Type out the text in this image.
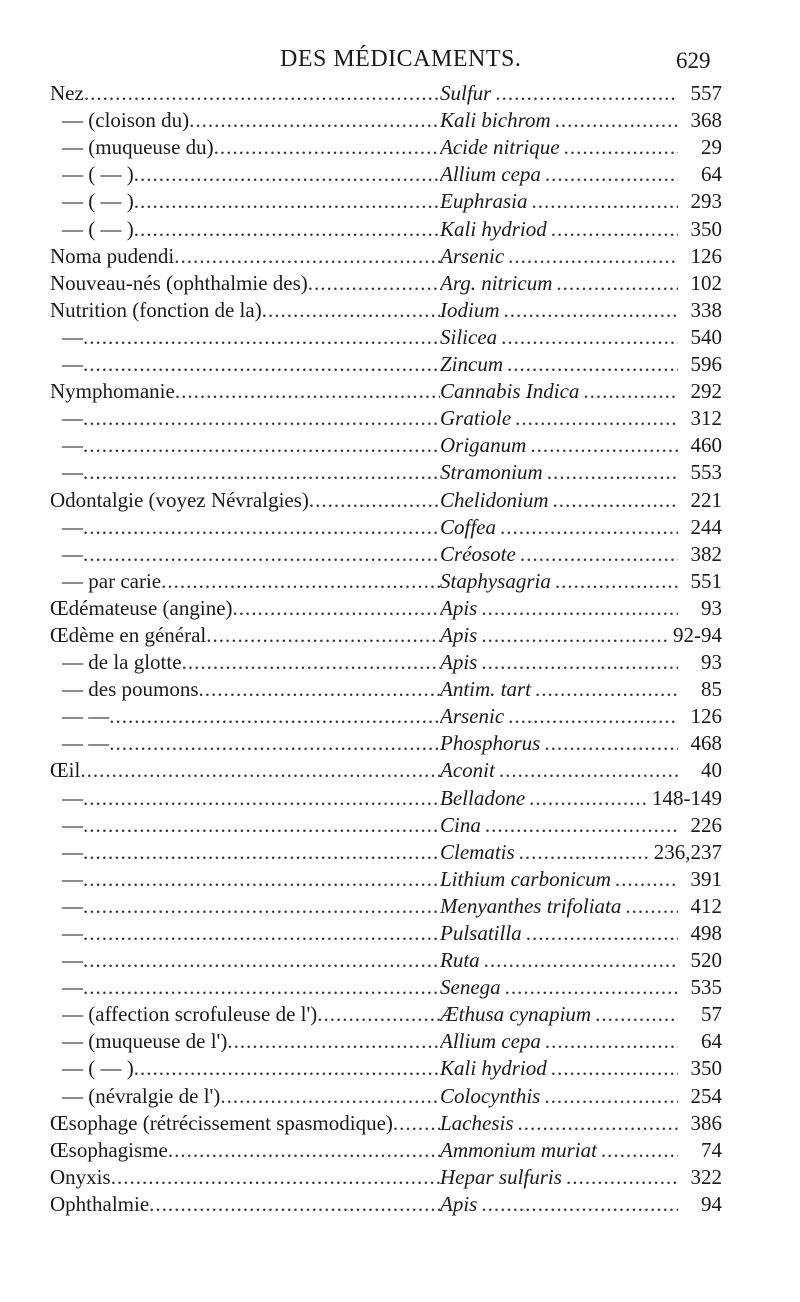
DES MÉDICAMENTS.	629
Nez .....	Sulfur .....	557
— (cloison du) .....	Kali bichrom .....	368
— (muqueuse du) .....	Acide nitrique .....	29
— ( — ) .....	Allium cepa .....	64
— ( — ) .....	Euphrasia .....	293
— ( — ) .....	Kali hydriod .....	350
Noma pudendi .....	Arsenic .....	126
Nouveau-nés (ophthalmie des) .....	Arg. nitricum .....	102
Nutrition (fonction de la) .....	Iodium .....	338
— .....	Silicea .....	540
— .....	Zincum .....	596
Nymphomanie .....	Cannabis Indica .....	292
— .....	Gratiole .....	312
— .....	Origanum .....	460
— .....	Stramonium .....	553
Odontalgie (voyez Névralgies) .....	Chelidonium .....	221
— .....	Coffea .....	244
— .....	Créosote .....	382
— par carie .....	Staphysagria .....	551
Œdémateuse (angine) .....	Apis .....	93
Œdème en général .....	Apis .....	92-94
— de la glotte .....	Apis .....	93
— des poumons .....	Antim. tart .....	85
— — .....	Arsenic .....	126
— — .....	Phosphorus .....	468
Œil .....	Aconit .....	40
— .....	Belladone .....	148-149
— .....	Cina .....	226
— .....	Clematis .....	236,237
— .....	Lithium carbonicum .....	391
— .....	Menyanthes trifoliata .....	412
— .....	Pulsatilla .....	498
— .....	Ruta .....	520
— .....	Senega .....	535
— (affection scrofuleuse de l') .....	Æthusa cynapium .....	57
— (muqueuse de l') .....	Allium cepa .....	64
— ( — ) .....	Kali hydriod .....	350
— (névralgie de l') .....	Colocynthis .....	254
Œsophage (rétrécissement spasmodique) ..... Lachesis .....	386
Œsophagisme .....	Ammonium muriat .....	74
Onyxis .....	Hepar sulfuris .....	322
Ophthalmie .....	Apis .....	94
